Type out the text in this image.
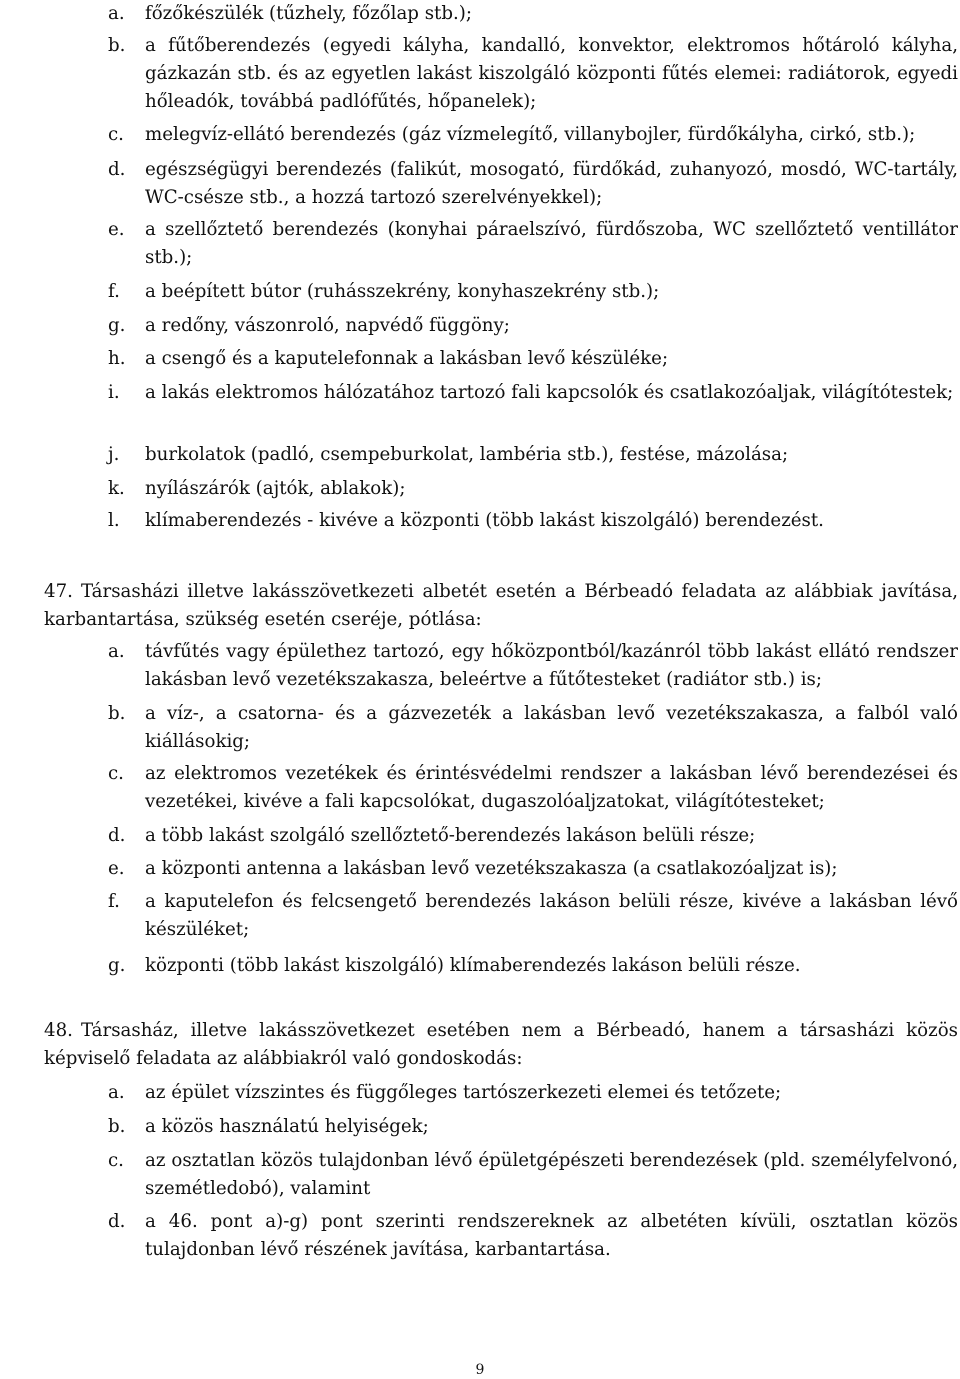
a. főzőkészülék (tűzhely, főzőlap stb.);
b. a fűtőberendezés (egyedi kályha, kandalló, konvektor, elektromos hőtároló kályha, gázkazán stb. és az egyetlen lakást kiszolgáló központi fűtés elemei: radiátorok, egyedi hőleadók, továbbá padlófűtés, hőpanelek);
c. melegvíz-ellátó berendezés (gáz vízmelegítő, villanybojler, fürdőkályha, cirkó, stb.);
d. egészségügyi berendezés (falikút, mosogató, fürdőkád, zuhanyozó, mosdó, WC-tartály, WC-csésze stb., a hozzá tartozó szerelvényekkel);
e. a szellőztető berendezés (konyhai páraelszívó, fürdőszoba, WC szellőztető ventillátor stb.);
f. a beépített bútor (ruhásszekrény, konyhaszekrény stb.);
g. a redőny, vászonroló, napvédő függöny;
h. a csengő és a kaputelefonnak a lakásban levő készüléke;
i. a lakás elektromos hálózatához tartozó fali kapcsolók és csatlakozóaljak, világítótestek;
j. burkolatok (padló, csempeburkolat, lambéria stb.), festése, mázolása;
k. nyílászárók (ajtók, ablakok);
l. klímaberendezés - kivéve a központi (több lakást kiszolgáló) berendezést.
47. Társasházi illetve lakásszövetkezeti albetét esetén a Bérbeadó feladata az alábbiak javítása, karbantartása, szükség esetén cseréje, pótlása:
a. távfűtés vagy épülethez tartozó, egy hőközpontból/kazánról több lakást ellátó rendszer lakásban levő vezetékszakasza, beleértve a fűtőtesteket (radiátor stb.) is;
b. a víz-, a csatorna- és a gázvezeték a lakásban levő vezetékszakasza, a falból való kiállásokig;
c. az elektromos vezetékek és érintésvédelmi rendszer a lakásban lévő berendezései és vezetékei, kivéve a fali kapcsolókat, dugaszolóaljzatokat, világítótesteket;
d. a több lakást szolgáló szellőztető-berendezés lakáson belüli része;
e. a központi antenna a lakásban levő vezetékszakasza (a csatlakozóaljzat is);
f. a kaputelefon és felcsengető berendezés lakáson belüli része, kivéve a lakásban lévő készüléket;
g. központi (több lakást kiszolgáló) klímaberendezés lakáson belüli része.
48. Társasház, illetve lakásszövetkezet esetében nem a Bérbeadó, hanem a társasházi közös képviselő feladata az alábbiakról való gondoskodás:
a. az épület vízszintes és függőleges tartószerkezeti elemei és tetőzete;
b. a közös használatú helyiségek;
c. az osztatlan közös tulajdonban lévő épületgépészeti berendezések (pld. személyfelvonó, szemétledobó), valamint
d. a 46. pont a)-g) pont szerinti rendszereknek az albetéten kívüli, osztatlan közös tulajdonban lévő részének javítása, karbantartása.
9
